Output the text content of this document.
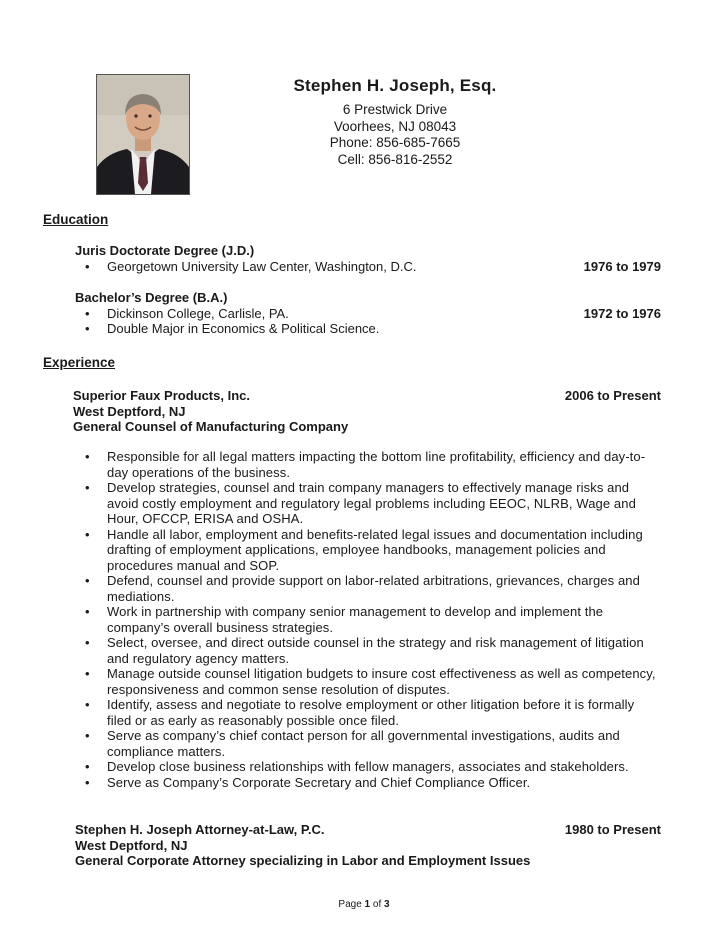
Stephen H. Joseph, Esq.
6 Prestwick Drive
Voorhees, NJ 08043
Phone: 856-685-7665
Cell: 856-816-2552
Education
Juris Doctorate Degree (J.D.)
• Georgetown University Law Center, Washington, D.C.	1976 to 1979
Bachelor’s Degree (B.A.)
• Dickinson College, Carlisle, PA.	1972 to 1976
• Double Major in Economics & Political Science.
Experience
Superior Faux Products, Inc.	2006 to Present
West Deptford, NJ
General Counsel of Manufacturing Company
• Responsible for all legal matters impacting the bottom line profitability, efficiency and day-to-day operations of the business.
• Develop strategies, counsel and train company managers to effectively manage risks and avoid costly employment and regulatory legal problems including EEOC, NLRB, Wage and Hour, OFCCP, ERISA and OSHA.
• Handle all labor, employment and benefits-related legal issues and documentation including drafting of employment applications, employee handbooks, management policies and procedures manual and SOP.
• Defend, counsel and provide support on labor-related arbitrations, grievances, charges and mediations.
• Work in partnership with company senior management to develop and implement the company’s overall business strategies.
• Select, oversee, and direct outside counsel in the strategy and risk management of litigation and regulatory agency matters.
• Manage outside counsel litigation budgets to insure cost effectiveness as well as competency, responsiveness and common sense resolution of disputes.
• Identify, assess and negotiate to resolve employment or other litigation before it is formally filed or as early as reasonably possible once filed.
• Serve as company’s chief contact person for all governmental investigations, audits and compliance matters.
• Develop close business relationships with fellow managers, associates and stakeholders.
• Serve as Company’s Corporate Secretary and Chief Compliance Officer.
Stephen H. Joseph Attorney-at-Law, P.C.	1980 to Present
West Deptford, NJ
General Corporate Attorney specializing in Labor and Employment Issues
Page 1 of 3
